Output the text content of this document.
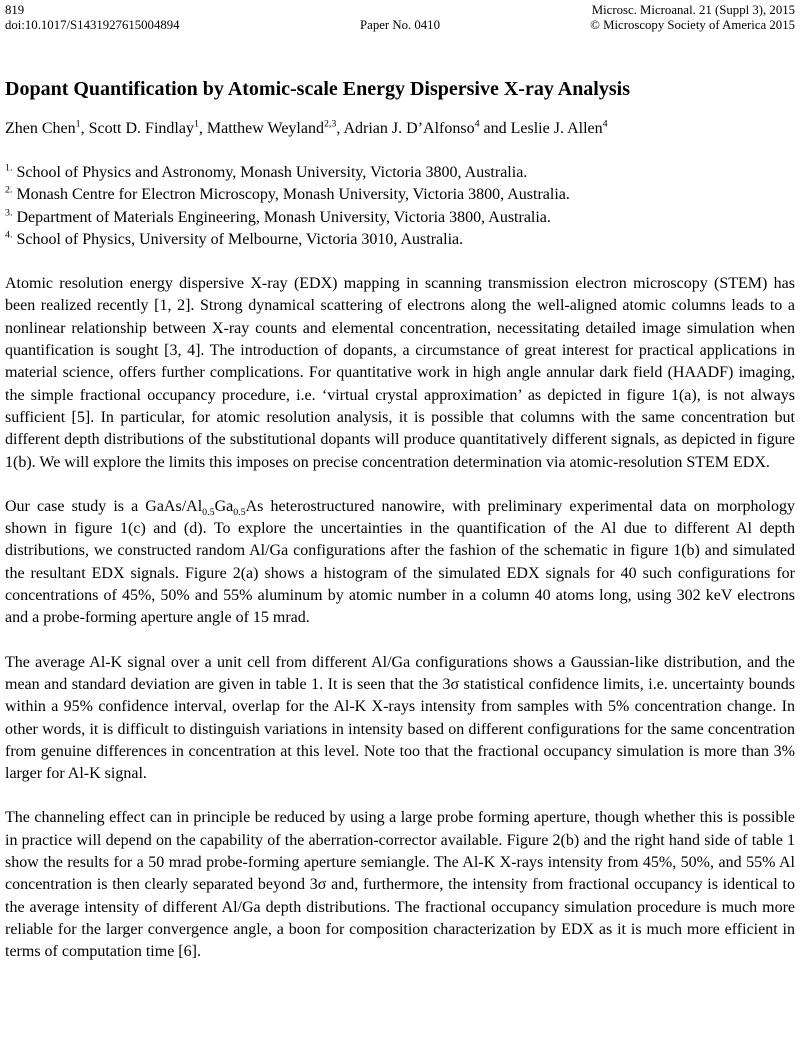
819
doi:10.1017/S1431927615004894	Paper No. 0410
Microsc. Microanal. 21 (Suppl 3), 2015
© Microscopy Society of America 2015
Dopant Quantification by Atomic-scale Energy Dispersive X-ray Analysis

Zhen Chen$^1$, Scott D. Findlay$^1$, Matthew Weyland$^{2,3}$, Adrian J. D’Alfonso$^4$ and Leslie J. Allen$^4$

$^{1.}$ School of Physics and Astronomy, Monash University, Victoria 3800, Australia.
$^{2.}$ Monash Centre for Electron Microscopy, Monash University, Victoria 3800, Australia.
$^{3.}$ Department of Materials Engineering, Monash University, Victoria 3800, Australia.
$^{4.}$ School of Physics, University of Melbourne, Victoria 3010, Australia.

Atomic resolution energy dispersive X-ray (EDX) mapping in scanning transmission electron microscopy (STEM) has been realized recently [1, 2]. Strong dynamical scattering of electrons along the well-aligned atomic columns leads to a nonlinear relationship between X-ray counts and elemental concentration, necessitating detailed image simulation when quantification is sought [3, 4]. The introduction of dopants, a circumstance of great interest for practical applications in material science, offers further complications. For quantitative work in high angle annular dark field (HAADF) imaging, the simple fractional occupancy procedure, i.e. ‘virtual crystal approximation’ as depicted in figure 1(a), is not always sufficient [5]. In particular, for atomic resolution analysis, it is possible that columns with the same concentration but different depth distributions of the substitutional dopants will produce quantitatively different signals, as depicted in figure 1(b). We will explore the limits this imposes on precise concentration determination via atomic-resolution STEM EDX.

Our case study is a GaAs/$Al_{0.5}Ga_{0.5}As$ heterostructured nanowire, with preliminary experimental data on morphology shown in figure 1(c) and (d). To explore the uncertainties in the quantification of the Al due to different Al depth distributions, we constructed random Al/Ga configurations after the fashion of the schematic in figure 1(b) and simulated the resultant EDX signals. Figure 2(a) shows a histogram of the simulated EDX signals for 40 such configurations for concentrations of 45%, 50% and 55% aluminum by atomic number in a column 40 atoms long, using 302 keV electrons and a probe-forming aperture angle of 15 mrad.

The average Al-K signal over a unit cell from different Al/Ga configurations shows a Gaussian-like distribution, and the mean and standard deviation are given in table 1. It is seen that the 3σ statistical confidence limits, i.e. uncertainty bounds within a 95% confidence interval, overlap for the Al-K X-rays intensity from samples with 5% concentration change. In other words, it is difficult to distinguish variations in intensity based on different configurations for the same concentration from genuine differences in concentration at this level. Note too that the fractional occupancy simulation is more than 3% larger for Al-K signal.

The channeling effect can in principle be reduced by using a large probe forming aperture, though whether this is possible in practice will depend on the capability of the aberration-corrector available. Figure 2(b) and the right hand side of table 1 show the results for a 50 mrad probe-forming aperture semiangle. The Al-K X-rays intensity from 45%, 50%, and 55% Al concentration is then clearly separated beyond 3σ and, furthermore, the intensity from fractional occupancy is identical to the average intensity of different Al/Ga depth distributions. The fractional occupancy simulation procedure is much more reliable for the larger convergence angle, a boon for composition characterization by EDX as it is much more efficient in terms of computation time [6].
